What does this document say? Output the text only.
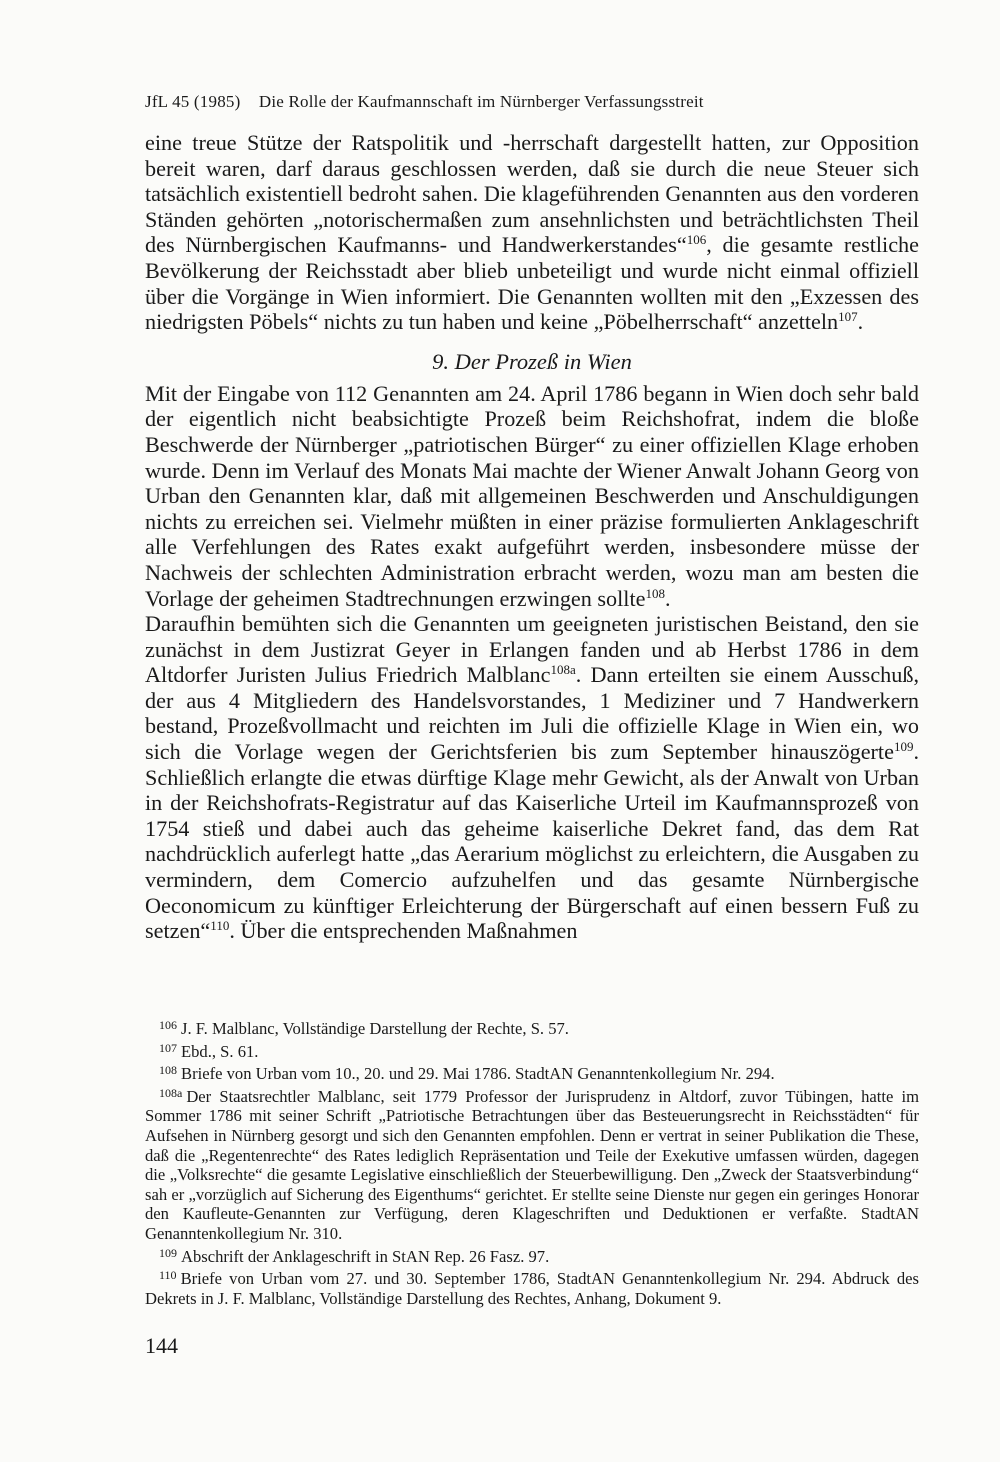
JfL 45 (1985) Die Rolle der Kaufmannschaft im Nürnberger Verfassungsstreit

eine treue Stütze der Ratspolitik und -herrschaft dargestellt hatten, zur Opposition bereit waren, darf daraus geschlossen werden, daß sie durch die neue Steuer sich tatsächlich existentiell bedroht sahen. Die klageführenden Genannten aus den vorderen Ständen gehörten „notorischermaßen zum ansehnlichsten und beträchtlichsten Theil des Nürnbergischen Kaufmanns- und Handwerkerstandes“$^{106}$, die gesamte restliche Bevölkerung der Reichsstadt aber blieb unbeteiligt und wurde nicht einmal offiziell über die Vorgänge in Wien informiert. Die Genannten wollten mit den „Exzessen des niedrigsten Pöbels“ nichts zu tun haben und keine „Pöbelherrschaft“ anzetteln$^{107}$.

9. Der Prozeß in Wien

Mit der Eingabe von 112 Genannten am 24. April 1786 begann in Wien doch sehr bald der eigentlich nicht beabsichtigte Prozeß beim Reichshofrat, indem die bloße Beschwerde der Nürnberger „patriotischen Bürger“ zu einer offiziellen Klage erhoben wurde. Denn im Verlauf des Monats Mai machte der Wiener Anwalt Johann Georg von Urban den Genannten klar, daß mit allgemeinen Beschwerden und Anschuldigungen nichts zu erreichen sei. Vielmehr müßten in einer präzise formulierten Anklageschrift alle Verfehlungen des Rates exakt aufgeführt werden, insbesondere müsse der Nachweis der schlechten Administration erbracht werden, wozu man am besten die Vorlage der geheimen Stadtrechnungen erzwingen sollte$^{108}$.

Daraufhin bemühten sich die Genannten um geeigneten juristischen Beistand, den sie zunächst in dem Justizrat Geyer in Erlangen fanden und ab Herbst 1786 in dem Altdorfer Juristen Julius Friedrich Malblanc$^{108a}$. Dann erteilten sie einem Ausschuß, der aus 4 Mitgliedern des Handelsvorstandes, 1 Mediziner und 7 Handwerkern bestand, Prozeßvollmacht und reichten im Juli die offizielle Klage in Wien ein, wo sich die Vorlage wegen der Gerichtsferien bis zum September hinauszögerte$^{109}$. Schließlich erlangte die etwas dürftige Klage mehr Gewicht, als der Anwalt von Urban in der Reichshofrats-Registratur auf das Kaiserliche Urteil im Kaufmannsprozeß von 1754 stieß und dabei auch das geheime kaiserliche Dekret fand, das dem Rat nachdrücklich auferlegt hatte „das Aerarium möglichst zu erleichtern, die Ausgaben zu vermindern, dem Comercio aufzuhelfen und das gesamte Nürnbergische Oeconomicum zu künftiger Erleichterung der Bürgerschaft auf einen bessern Fuß zu setzen“$^{110}$. Über die entsprechenden Maßnahmen

$^{106}$ J. F. Malblanc, Vollständige Darstellung der Rechte, S. 57.

$^{107}$ Ebd., S. 61.

$^{108}$ Briefe von Urban vom 10., 20. und 29. Mai 1786. StadtAN Genanntenkollegium Nr. 294.

$^{108a}$ Der Staatsrechtler Malblanc, seit 1779 Professor der Jurisprudenz in Altdorf, zuvor Tübingen, hatte im Sommer 1786 mit seiner Schrift „Patriotische Betrachtungen über das Besteuerungsrecht in Reichsstädten“ für Aufsehen in Nürnberg gesorgt und sich den Genannten empfohlen. Denn er vertrat in seiner Publikation die These, daß die „Regentenrechte“ des Rates lediglich Repräsentation und Teile der Exekutive umfassen würden, dagegen die „Volksrechte“ die gesamte Legislative einschließlich der Steuerbewilligung. Den „Zweck der Staatsverbindung“ sah er „vorzüglich auf Sicherung des Eigenthums“ gerichtet. Er stellte seine Dienste nur gegen ein geringes Honorar den Kaufleute-Genannten zur Verfügung, deren Klageschriften und Deduktionen er verfaßte. StadtAN Genanntenkollegium Nr. 310.

$^{109}$ Abschrift der Anklageschrift in StAN Rep. 26 Fasz. 97.

$^{110}$ Briefe von Urban vom 27. und 30. September 1786, StadtAN Genanntenkollegium Nr. 294. Abdruck des Dekrets in J. F. Malblanc, Vollständige Darstellung des Rechtes, Anhang, Dokument 9.

144
